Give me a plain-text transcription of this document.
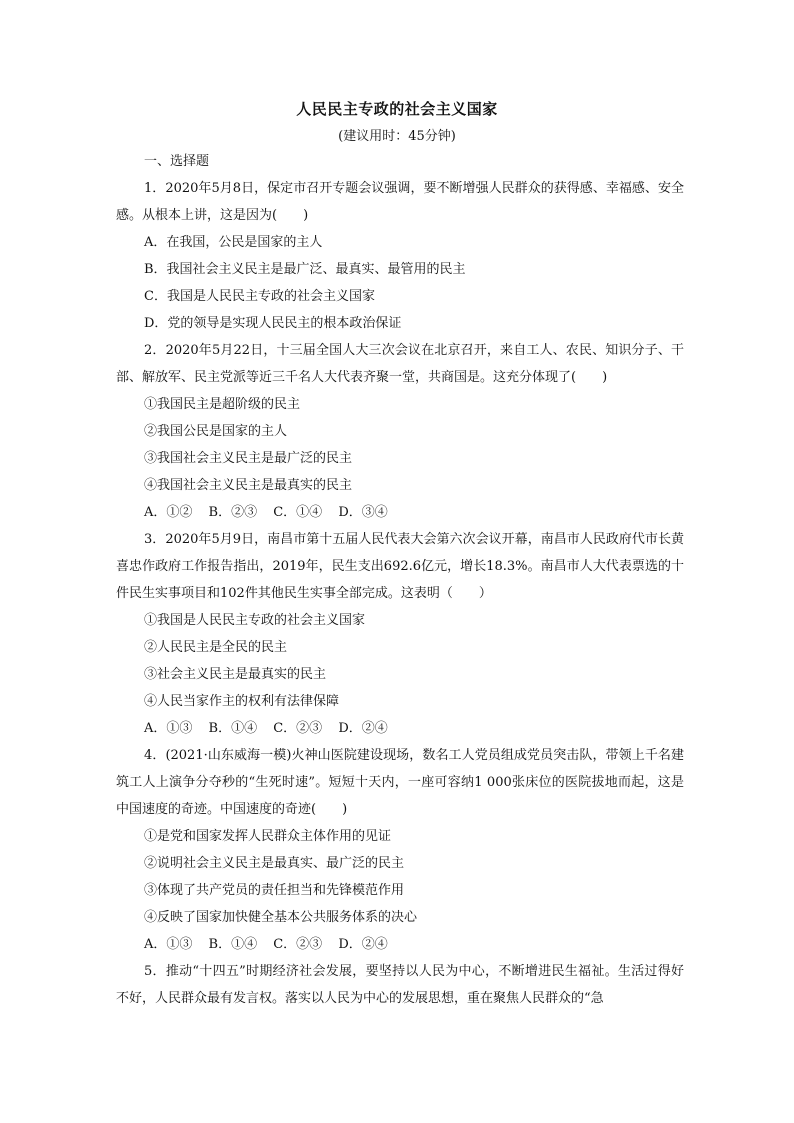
人民民主专政的社会主义国家
(建议用时：45分钟)
一、选择题
1．2020年5月8日，保定市召开专题会议强调，要不断增强人民群众的获得感、幸福感、安全感。从根本上讲，这是因为(　　)
A．在我国，公民是国家的主人
B．我国社会主义民主是最广泛、最真实、最管用的民主
C．我国是人民民主专政的社会主义国家
D．党的领导是实现人民民主的根本政治保证
2．2020年5月22日，十三届全国人大三次会议在北京召开，来自工人、农民、知识分子、干部、解放军、民主党派等近三千名人大代表齐聚一堂，共商国是。这充分体现了(　　)
①我国民主是超阶级的民主
②我国公民是国家的主人
③我国社会主义民主是最广泛的民主
④我国社会主义民主是最真实的民主
A．①② B．②③ C．①④ D．③④
3．2020年5月9日，南昌市第十五届人民代表大会第六次会议开幕，南昌市人民政府代市长黄喜忠作政府工作报告指出，2019年，民生支出692.6亿元，增长18.3%。南昌市人大代表票选的十件民生实事项目和102件其他民生实事全部完成。这表明（　　）
①我国是人民民主专政的社会主义国家
②人民民主是全民的民主
③社会主义民主是最真实的民主
④人民当家作主的权利有法律保障
A．①③ B．①④ C．②③ D．②④
4．(2021·山东威海一模)火神山医院建设现场，数名工人党员组成党员突击队，带领上千名建筑工人上演争分夺秒的“生死时速”。短短十天内，一座可容纳1 000张床位的医院拔地而起，这是中国速度的奇迹。中国速度的奇迹(　　)
①是党和国家发挥人民群众主体作用的见证
②说明社会主义民主是最真实、最广泛的民主
③体现了共产党员的责任担当和先锋模范作用
④反映了国家加快健全基本公共服务体系的决心
A．①③ B．①④ C．②③ D．②④
5．推动“十四五”时期经济社会发展，要坚持以人民为中心，不断增进民生福祉。生活过得好不好，人民群众最有发言权。落实以人民为中心的发展思想，重在聚焦人民群众的“急
